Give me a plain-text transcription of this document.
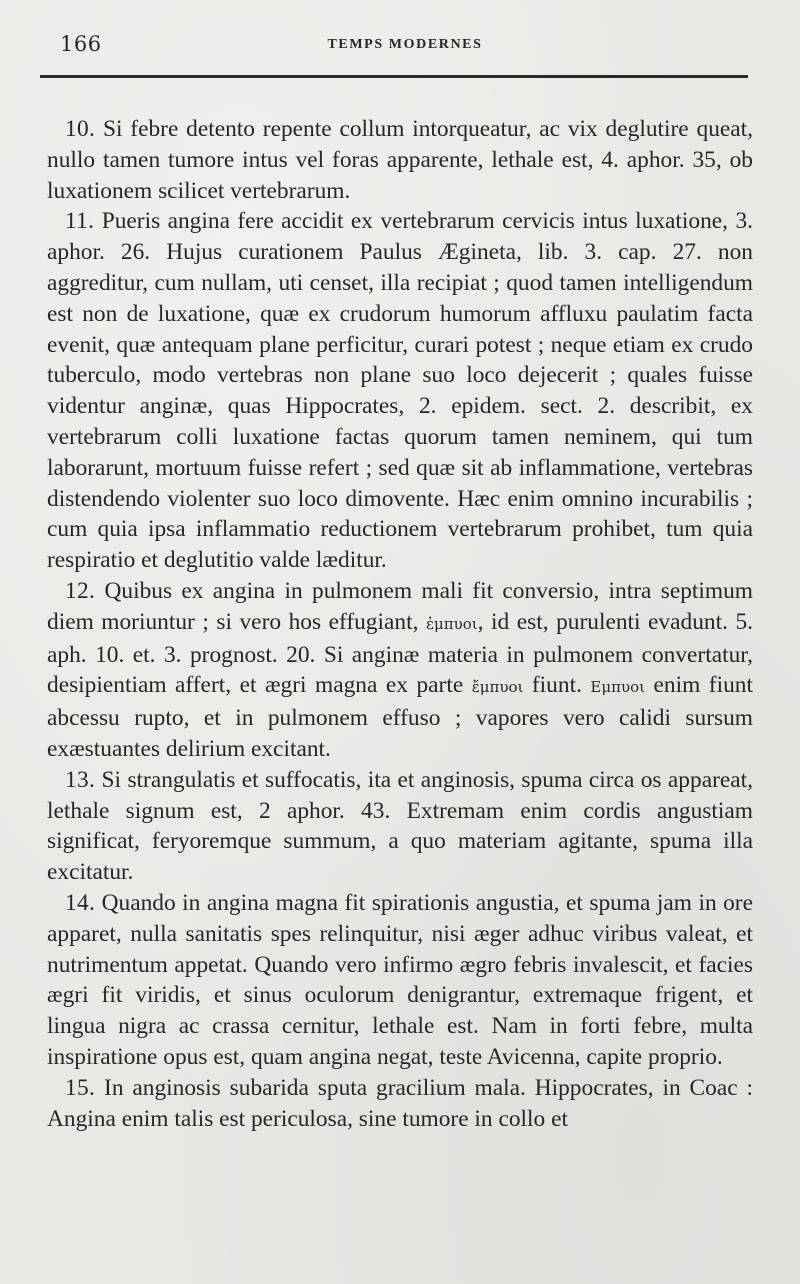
166	TEMPS MODERNES

10. Si febre detento repente collum intorqueatur, ac vix deglutire queat, nullo tamen tumore intus vel foras apparente, lethale est, 4. aphor. 35, ob luxationem scilicet vertebrarum.

11. Pueris angina fere accidit ex vertebrarum cervicis intus luxatione, 3. aphor. 26. Hujus curationem Paulus Ægineta, lib. 3. cap. 27. non aggreditur, cum nullam, uti censet, illa recipiat ; quod tamen intelligendum est non de luxatione, quæ ex crudorum humorum affluxu paulatim facta evenit, quæ antequam plane perficitur, curari potest ; neque etiam ex crudo tuberculo, modo vertebras non plane suo loco dejecerit ; quales fuisse videntur anginæ, quas Hippocrates, 2. epidem. sect. 2. describit, ex vertebrarum colli luxatione factas quorum tamen neminem, qui tum laborarunt, mortuum fuisse refert ; sed quæ sit ab inflammatione, vertebras distendendo violenter suo loco dimovente. Hæc enim omnino incurabilis ; cum quia ipsa inflammatio reductionem vertebrarum prohibet, tum quia respiratio et deglutitio valde læditur.

12. Quibus ex angina in pulmonem mali fit conversio, intra septimum diem moriuntur ; si vero hos effugiant, ἐμπυοι, id est, purulenti evadunt. 5. aph. 10. et. 3. prognost. 20. Si anginæ materia in pulmonem convertatur, desipientiam affert, et ægri magna ex parte ἔμπυοι fiunt. Εμπυοι enim fiunt abcessu rupto, et in pulmonem effuso ; vapores vero calidi sursum exæstuantes delirium excitant.

13. Si strangulatis et suffocatis, ita et anginosis, spuma circa os appareat, lethale signum est, 2 aphor. 43. Extremam enim cordis angustiam significat, feryoremque summum, a quo materiam agitante, spuma illa excitatur.

14. Quando in angina magna fit spirationis angustia, et spuma jam in ore apparet, nulla sanitatis spes relinquitur, nisi æger adhuc viribus valeat, et nutrimentum appetat. Quando vero infirmo ægro febris invalescit, et facies ægri fit viridis, et sinus oculorum denigrantur, extremaque frigent, et lingua nigra ac crassa cernitur, lethale est. Nam in forti febre, multa inspiratione opus est, quam angina negat, teste Avicenna, capite proprio.

15. In anginosis subarida sputa gracilium mala. Hippocrates, in Coac : Angina enim talis est periculosa, sine tumore in collo et
